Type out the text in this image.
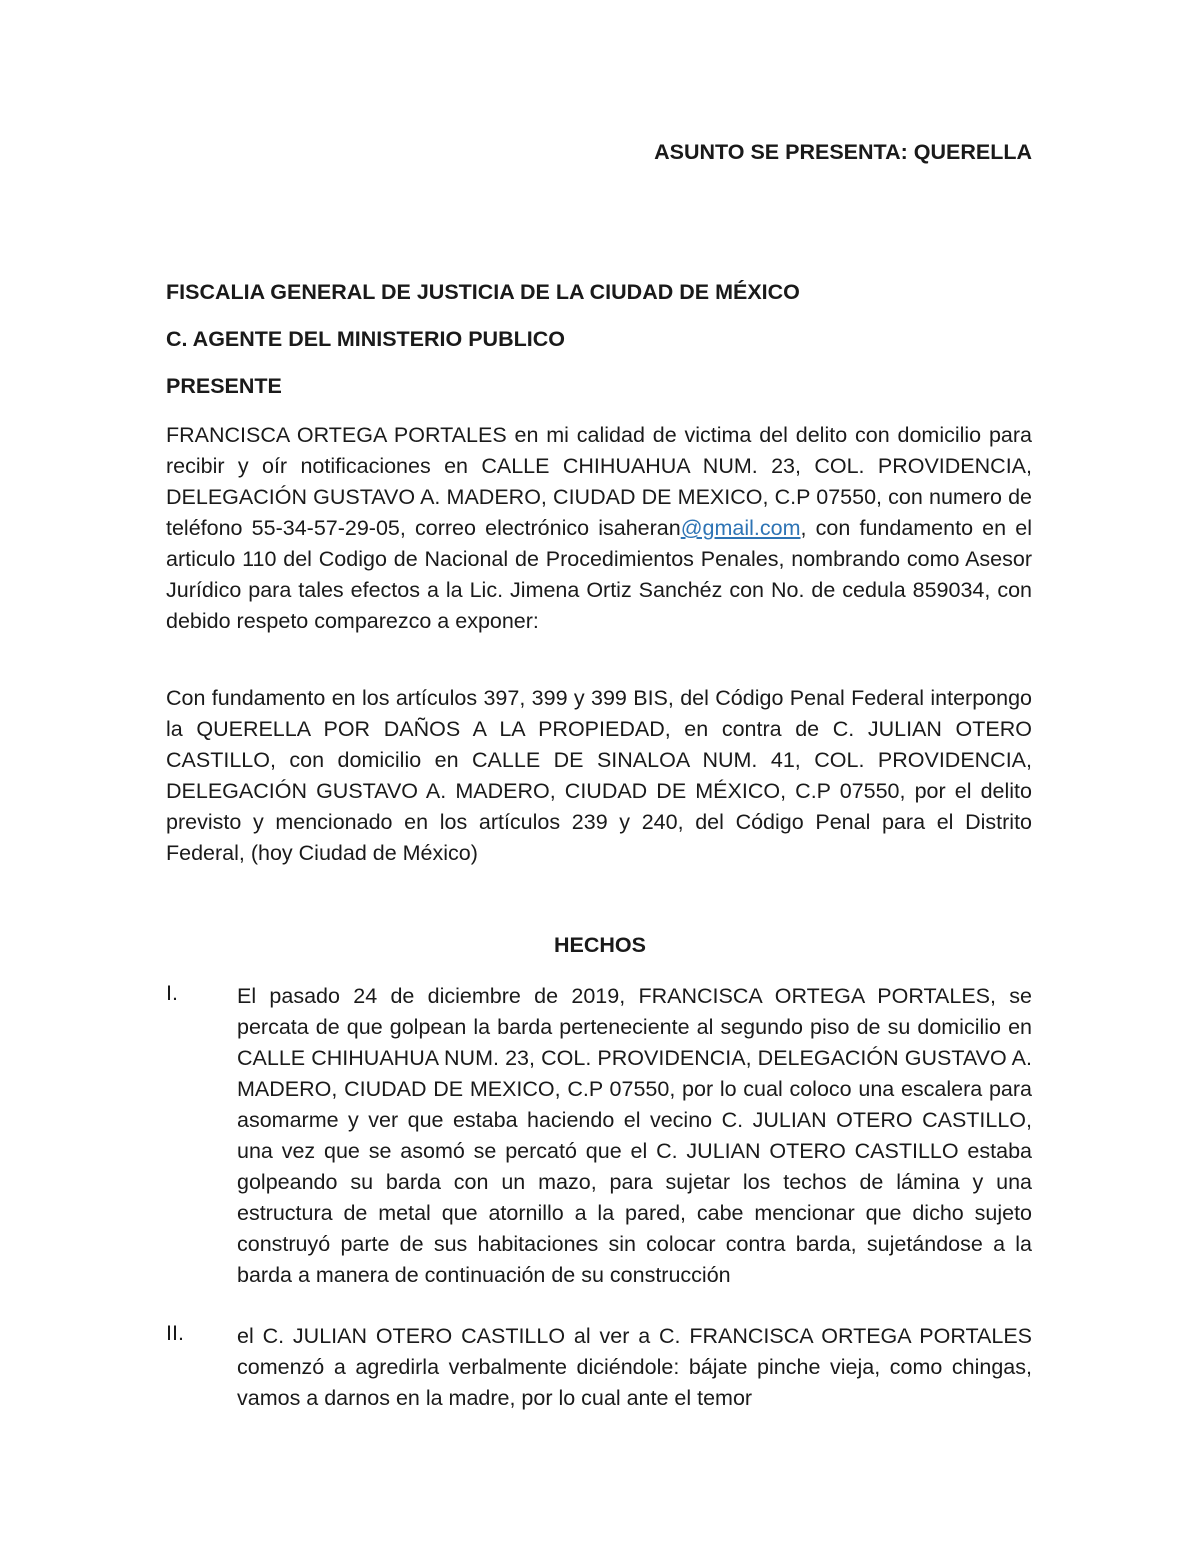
ASUNTO SE PRESENTA: QUERELLA
FISCALIA GENERAL DE JUSTICIA DE LA CIUDAD DE MÉXICO
C. AGENTE DEL MINISTERIO PUBLICO
PRESENTE
FRANCISCA ORTEGA PORTALES en mi calidad de victima del delito con domicilio para recibir y oír notificaciones en CALLE CHIHUAHUA NUM. 23, COL. PROVIDENCIA, DELEGACIÓN GUSTAVO A. MADERO, CIUDAD DE MEXICO, C.P 07550, con numero de teléfono 55-34-57-29-05, correo electrónico isaheran@gmail.com, con fundamento en el articulo 110 del Codigo de Nacional de Procedimientos Penales, nombrando como Asesor Jurídico para tales efectos a la Lic. Jimena Ortiz Sanchéz con No. de cedula 859034, con debido respeto comparezco a exponer:
Con fundamento en los artículos 397, 399 y 399 BIS, del Código Penal Federal interpongo la QUERELLA POR DAÑOS A LA PROPIEDAD, en contra de C. JULIAN OTERO CASTILLO, con domicilio en CALLE DE SINALOA NUM. 41, COL. PROVIDENCIA, DELEGACIÓN GUSTAVO A. MADERO, CIUDAD DE MÉXICO, C.P 07550, por el delito previsto y mencionado en los artículos 239 y 240, del Código Penal para el Distrito Federal, (hoy Ciudad de México)
HECHOS
I.	El pasado 24 de diciembre de 2019, FRANCISCA ORTEGA PORTALES, se percata de que golpean la barda perteneciente al segundo piso de su domicilio en CALLE CHIHUAHUA NUM. 23, COL. PROVIDENCIA, DELEGACIÓN GUSTAVO A. MADERO, CIUDAD DE MEXICO, C.P 07550, por lo cual coloco una escalera para asomarme y ver que estaba haciendo el vecino C. JULIAN OTERO CASTILLO, una vez que se asomó se percató que el C. JULIAN OTERO CASTILLO estaba golpeando su barda con un mazo, para sujetar los techos de lámina y una estructura de metal que atornillo a la pared, cabe mencionar que dicho sujeto construyó parte de sus habitaciones sin colocar contra barda, sujetándose a la barda a manera de continuación de su construcción
II. el C. JULIAN OTERO CASTILLO al ver a C. FRANCISCA ORTEGA PORTALES comenzó a agredirla verbalmente diciéndole: bájate pinche vieja, como chingas, vamos a darnos en la madre, por lo cual ante el temor
